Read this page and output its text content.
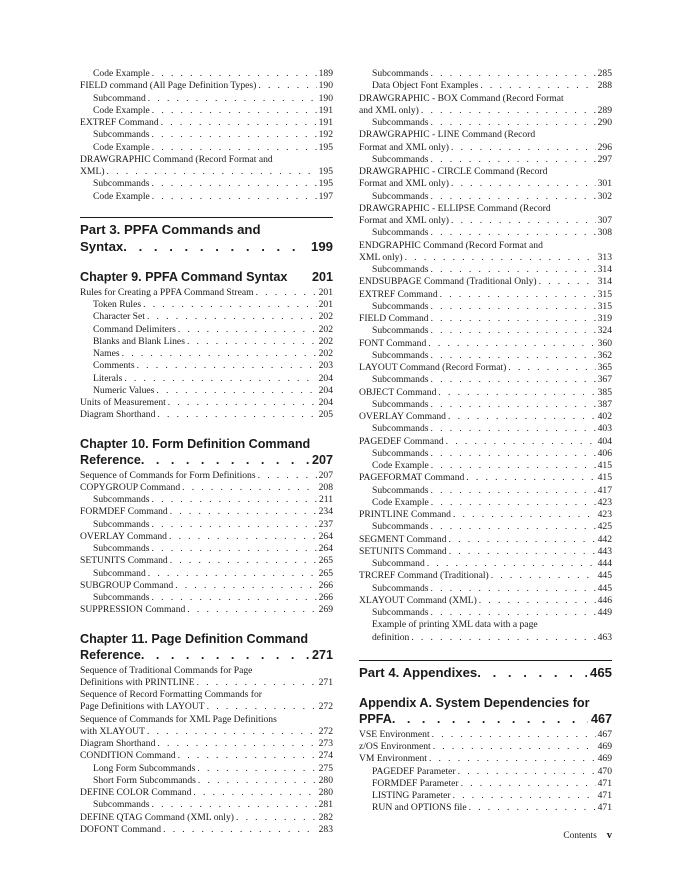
Code Example . . .	189
FIELD command (All Page Definition Types) . . .	190
Subcommand . . .	190
Code Example . . .	191
EXTREF Command . . .	191
Subcommands . . .	192
Code Example . . .	195
DRAWGRAPHIC Command (Record Format and
XML) . . .	195
Subcommands . . .	195
Code Example . . .	197
Part 3. PPFA Commands and
Syntax . . .	199
Chapter 9. PPFA Command Syntax 201
Rules for Creating a PPFA Command Stream . . .	201
Token Rules . . .	201
Character Set . . .	202
Command Delimiters . . .	202
Blanks and Blank Lines . . .	202
Names . . .	202
Comments . . .	203
Literals . . .	204
Numeric Values . . .	204
Units of Measurement . . .	204
Diagram Shorthand . . .	205
Chapter 10. Form Definition Command
Reference . . .	207
Sequence of Commands for Form Definitions . . .	207
COPYGROUP Command . . .	208
Subcommands . . .	211
FORMDEF Command . . .	234
Subcommands . . .	237
OVERLAY Command . . .	264
Subcommands . . .	264
SETUNITS Command . . .	265
Subcommand . . .	265
SUBGROUP Command . . .	266
Subcommands . . .	266
SUPPRESSION Command . . .	269
Chapter 11. Page Definition Command
Reference . . .	271
Sequence of Traditional Commands for Page
Definitions with PRINTLINE . . .	271
Sequence of Record Formatting Commands for
Page Definitions with LAYOUT . . .	272
Sequence of Commands for XML Page Definitions
with XLAYOUT . . .	272
Diagram Shorthand . . .	273
CONDITION Command . . .	274
Long Form Subcommands . . .	275
Short Form Subcommands . . .	280
DEFINE COLOR Command . . .	280
Subcommands . . .	281
DEFINE QTAG Command (XML only) . . .	282
DOFONT Command . . .	283
Subcommands . . .	285
Data Object Font Examples . . .	288
DRAWGRAPHIC - BOX Command (Record Format
and XML only) . . .	289
Subcommands . . .	290
DRAWGRAPHIC - LINE Command (Record
Format and XML only) . . .	296
Subcommands . . .	297
DRAWGRAPHIC - CIRCLE Command (Record
Format and XML only) . . .	301
Subcommands . . .	302
DRAWGRAPHIC - ELLIPSE Command (Record
Format and XML only) . . .	307
Subcommands . . .	308
ENDGRAPHIC Command (Record Format and
XML only) . . .	313
Subcommands . . .	314
ENDSUBPAGE Command (Traditional Only) . . .	314
EXTREF Command . . .	315
Subcommands . . .	315
FIELD Command . . .	319
Subcommands . . .	324
FONT Command . . .	360
Subcommands . . .	362
LAYOUT Command (Record Format) . . .	365
Subcommands . . .	367
OBJECT Command . . .	385
Subcommands . . .	387
OVERLAY Command . . .	402
Subcommands . . .	403
PAGEDEF Command . . .	404
Subcommands . . .	406
Code Example . . .	415
PAGEFORMAT Command . . .	415
Subcommands . . .	417
Code Example . . .	423
PRINTLINE Command . . .	423
Subcommands . . .	425
SEGMENT Command . . .	442
SETUNITS Command . . .	443
Subcommand . . .	444
TRCREF Command (Traditional) . . .	445
Subcommands . . .	445
XLAYOUT Command (XML) . . .	446
Subcommands . . .	449
Example of printing XML data with a page
definition . . .	463
Part 4. Appendixes . . .	465
Appendix A. System Dependencies for
PPFA . . .	467
VSE Environment . . .	467
z/OS Environment . . .	469
VM Environment . . .	469
PAGEDEF Parameter . . .	470
FORMDEF Parameter . . .	471
LISTING Parameter . . .	471
RUN and OPTIONS file . . .	471
Contents v
